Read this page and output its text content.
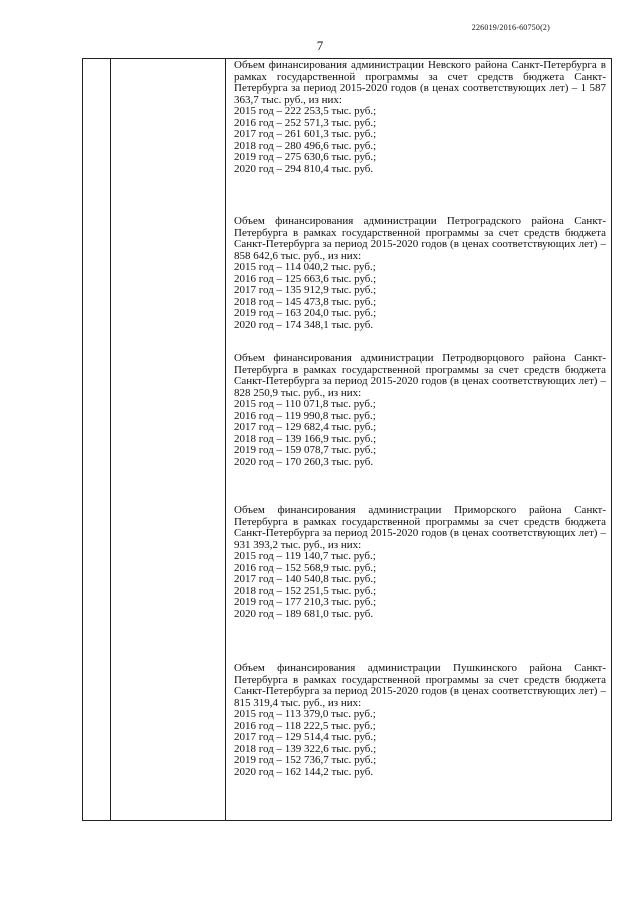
226019/2016-60750(2)
7

Объем финансирования администрации Невского района Санкт-Петербурга в рамках государственной программы за счет средств бюджета Санкт-Петербурга за период 2015-2020 годов (в ценах соответствующих лет) – 1 587 363,7 тыс. руб., из них:

2015 год – 222 253,5 тыс. руб.;

2016 год – 252 571,3 тыс. руб.;

2017 год – 261 601,3 тыс. руб.;

2018 год – 280 496,6 тыс. руб.;

2019 год – 275 630,6 тыс. руб.;

2020 год – 294 810,4 тыс. руб.

Объем финансирования администрации Петроградского района Санкт-Петербурга в рамках государственной программы за счет средств бюджета Санкт-Петербурга за период 2015-2020 годов (в ценах соответствующих лет) – 858 642,6 тыс. руб., из них:

2015 год – 114 040,2 тыс. руб.;

2016 год – 125 663,6 тыс. руб.;

2017 год – 135 912,9 тыс. руб.;

2018 год – 145 473,8 тыс. руб.;

2019 год – 163 204,0 тыс. руб.;

2020 год – 174 348,1 тыс. руб.

Объем финансирования администрации Петродворцового района Санкт-Петербурга в рамках государственной программы за счет средств бюджета Санкт-Петербурга за период 2015-2020 годов (в ценах соответствующих лет) – 828 250,9 тыс. руб., из них:

2015 год – 110 071,8 тыс. руб.;

2016 год – 119 990,8 тыс. руб.;

2017 год – 129 682,4 тыс. руб.;

2018 год – 139 166,9 тыс. руб.;

2019 год – 159 078,7 тыс. руб.;

2020 год – 170 260,3 тыс. руб.

Объем финансирования администрации Приморского района Санкт-Петербурга в рамках государственной программы за счет средств бюджета Санкт-Петербурга за период 2015-2020 годов (в ценах соответствующих лет) – 931 393,2 тыс. руб., из них:

2015 год – 119 140,7 тыс. руб.;

2016 год – 152 568,9 тыс. руб.;

2017 год – 140 540,8 тыс. руб.;

2018 год – 152 251,5 тыс. руб.;

2019 год – 177 210,3 тыс. руб.;

2020 год – 189 681,0 тыс. руб.

Объем финансирования администрации Пушкинского района Санкт-Петербурга в рамках государственной программы за счет средств бюджета Санкт-Петербурга за период 2015-2020 годов (в ценах соответствующих лет) – 815 319,4 тыс. руб., из них:

2015 год – 113 379,0 тыс. руб.;

2016 год – 118 222,5 тыс. руб.;

2017 год – 129 514,4 тыс. руб.;

2018 год – 139 322,6 тыс. руб.;

2019 год – 152 736,7 тыс. руб.;

2020 год – 162 144,2 тыс. руб.
